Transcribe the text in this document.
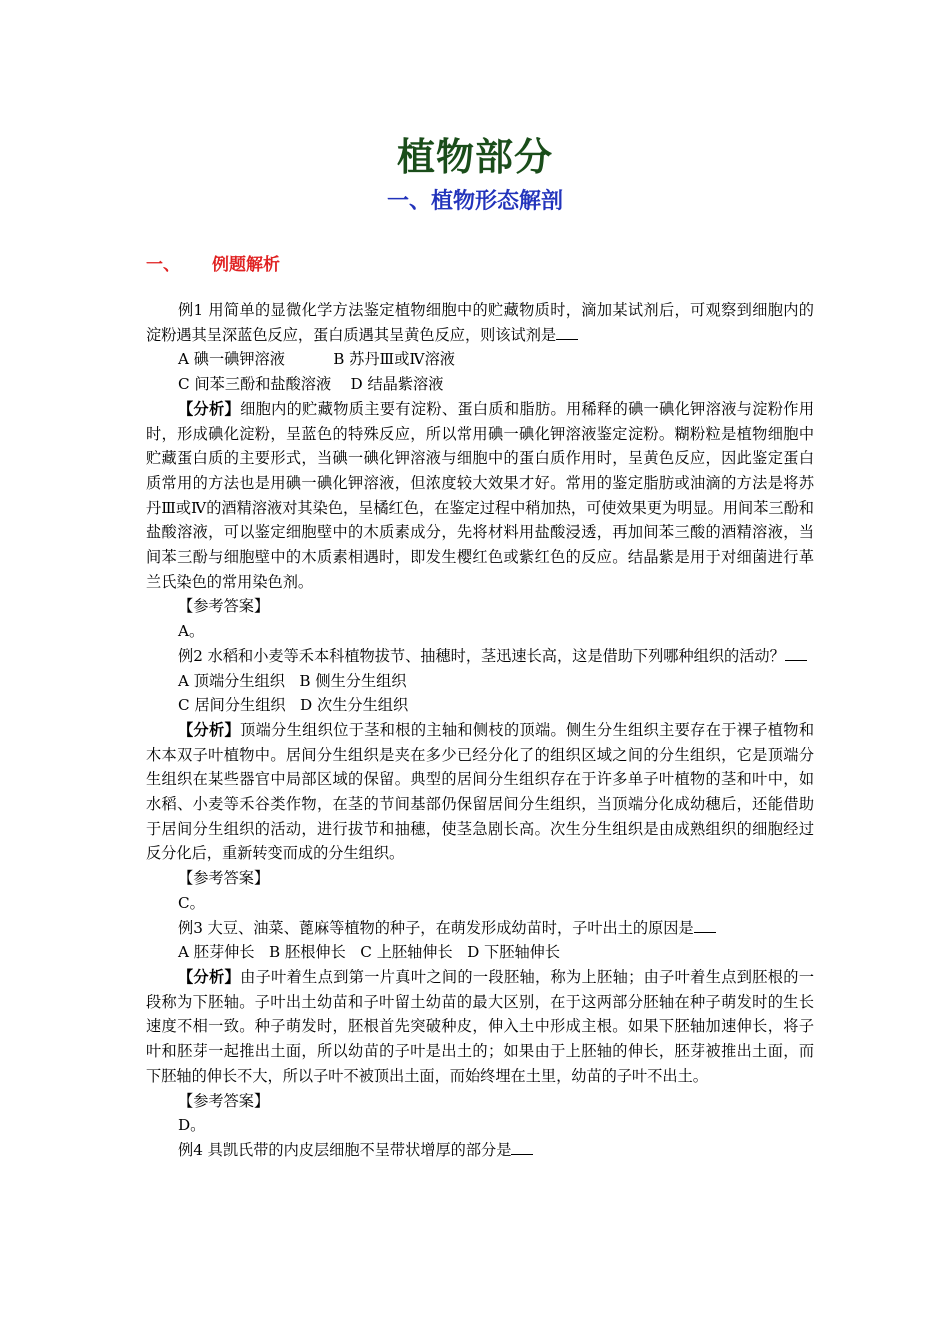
植物部分
一、植物形态解剖
一、 例题解析

例1 用简单的显微化学方法鉴定植物细胞中的贮藏物质时，滴加某试剂后，可观察到细胞内的淀粉遇其呈深蓝色反应，蛋白质遇其呈黄色反应，则该试剂是

A 碘一碘钾溶液          B 苏丹Ⅲ或Ⅳ溶液
C 间苯三酚和盐酸溶液    D 结晶紫溶液

【分析】细胞内的贮藏物质主要有淀粉、蛋白质和脂肪。用稀释的碘一碘化钾溶液与淀粉作用时，形成碘化淀粉，呈蓝色的特殊反应，所以常用碘一碘化钾溶液鉴定淀粉。糊粉粒是植物细胞中贮藏蛋白质的主要形式，当碘一碘化钾溶液与细胞中的蛋白质作用时，呈黄色反应，因此鉴定蛋白质常用的方法也是用碘一碘化钾溶液，但浓度较大效果才好。常用的鉴定脂肪或油滴的方法是将苏丹Ⅲ或Ⅳ的酒精溶液对其染色，呈橘红色，在鉴定过程中稍加热，可使效果更为明显。用间苯三酚和盐酸溶液，可以鉴定细胞壁中的木质素成分，先将材料用盐酸浸透，再加间苯三酸的酒精溶液，当间苯三酚与细胞壁中的木质素相遇时，即发生樱红色或紫红色的反应。结晶紫是用于对细菌进行革兰氏染色的常用染色剂。

【参考答案】
A。

例2 水稻和小麦等禾本科植物拔节、抽穗时，茎迅速长高，这是借助下列哪种组织的活动？

A 顶端分生组织   B 侧生分生组织
C 居间分生组织   D 次生分生组织

【分析】顶端分生组织位于茎和根的主轴和侧枝的顶端。侧生分生组织主要存在于裸子植物和木本双子叶植物中。居间分生组织是夹在多少已经分化了的组织区域之间的分生组织，它是顶端分生组织在某些器官中局部区域的保留。典型的居间分生组织存在于许多单子叶植物的茎和叶中，如水稻、小麦等禾谷类作物，在茎的节间基部仍保留居间分生组织，当顶端分化成幼穗后，还能借助于居间分生组织的活动，进行拔节和抽穗，使茎急剧长高。次生分生组织是由成熟组织的细胞经过反分化后，重新转变而成的分生组织。

【参考答案】
C。

例3 大豆、油菜、蓖麻等植物的种子，在萌发形成幼苗时，子叶出土的原因是

A 胚芽伸长   B 胚根伸长   C 上胚轴伸长   D 下胚轴伸长

【分析】由子叶着生点到第一片真叶之间的一段胚轴，称为上胚轴；由子叶着生点到胚根的一段称为下胚轴。子叶出土幼苗和子叶留土幼苗的最大区别，在于这两部分胚轴在种子萌发时的生长速度不相一致。种子萌发时，胚根首先突破种皮，伸入土中形成主根。如果下胚轴加速伸长，将子叶和胚芽一起推出土面，所以幼苗的子叶是出土的；如果由于上胚轴的伸长，胚芽被推出土面，而下胚轴的伸长不大，所以子叶不被顶出土面，而始终埋在土里，幼苗的子叶不出土。

【参考答案】
D。

例4 具凯氏带的内皮层细胞不呈带状增厚的部分是
